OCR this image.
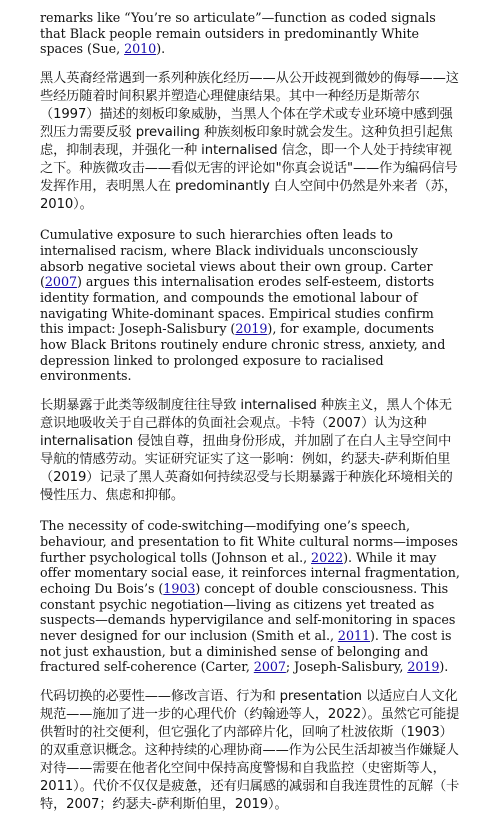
remarks like “You’re so articulate”—function as coded signals that Black people remain outsiders in predominantly White spaces (Sue, 2010).

黑人英裔经常遇到一系列种族化经历——从公开歧视到微妙的侮辱——这些经历随着时间积累并塑造心理健康结果。其中一种经历是斯蒂尔（1997）描述的刻板印象威胁，当黑人个体在学术或专业环境中感到强烈压力需要反驳 prevailing 种族刻板印象时就会发生。这种负担引起焦虑，抑制表现，并强化一种 internalised 信念，即一个人处于持续审视之下。种族微攻击——看似无害的评论如"你真会说话"——作为编码信号发挥作用，表明黑人在 predominantly 白人空间中仍然是外来者（苏，2010）。

Cumulative exposure to such hierarchies often leads to internalised racism, where Black individuals unconsciously absorb negative societal views about their own group. Carter (2007) argues this internalisation erodes self-esteem, distorts identity formation, and compounds the emotional labour of navigating White-dominant spaces. Empirical studies confirm this impact: Joseph-Salisbury (2019), for example, documents how Black Britons routinely endure chronic stress, anxiety, and depression linked to prolonged exposure to racialised environments.

长期暴露于此类等级制度往往导致 internalised 种族主义，黑人个体无意识地吸收关于自己群体的负面社会观点。卡特（2007）认为这种 internalisation 侵蚀自尊，扭曲身份形成，并加剧了在白人主导空间中导航的情感劳动。实证研究证实了这一影响：例如，约瑟夫-萨利斯伯里（2019）记录了黑人英裔如何持续忍受与长期暴露于种族化环境相关的慢性压力、焦虑和抑郁。

The necessity of code-switching—modifying one’s speech, behaviour, and presentation to fit White cultural norms—imposes further psychological tolls (Johnson et al., 2022). While it may offer momentary social ease, it reinforces internal fragmentation, echoing Du Bois’s (1903) concept of double consciousness. This constant psychic negotiation—living as citizens yet treated as suspects—demands hypervigilance and self-monitoring in spaces never designed for our inclusion (Smith et al., 2011). The cost is not just exhaustion, but a diminished sense of belonging and fractured self-coherence (Carter, 2007; Joseph-Salisbury, 2019).

代码切换的必要性——修改言语、行为和 presentation 以适应白人文化规范——施加了进一步的心理代价（约翰逊等人，2022）。虽然它可能提供暂时的社交便利，但它强化了内部碎片化，回响了杜波依斯（1903）的双重意识概念。这种持续的心理协商——作为公民生活却被当作嫌疑人对待——需要在他者化空间中保持高度警惕和自我监控（史密斯等人，2011）。代价不仅仅是疲惫，还有归属感的减弱和自我连贯性的瓦解（卡特，2007；约瑟夫-萨利斯伯里，2019）。
